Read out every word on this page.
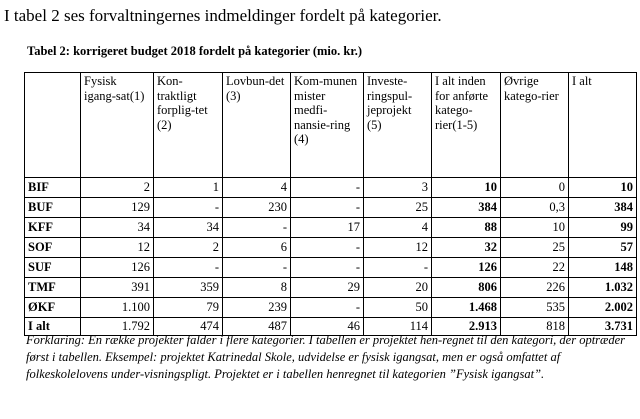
I tabel 2 ses forvaltningernes indmeldinger fordelt på kategorier.

Tabel 2: korrigeret budget 2018 fordelt på kategorier (mio. kr.)

	Fysisk igang-sat(1)	Kon-traktligt forplig-tet (2)	Lovbun-det (3)	Kom-munen mister medfi-nansie-ring (4)	Investe-ringspul-jeprojekt (5)	I alt inden for anførte katego-rier(1-5)	Øvrige katego-rier	I alt
BIF	2	1	4	-	3	10	0	10
BUF	129	-	230	-	25	384	0,3	384
KFF	34	34	-	17	4	88	10	99
SOF	12	2	6	-	12	32	25	57
SUF	126	-	-	-	-	126	22	148
TMF	391	359	8	29	20	806	226	1.032
ØKF	1.100	79	239	-	50	1.468	535	2.002
I alt	1.792	474	487	46	114	2.913	818	3.731

Forklaring: En række projekter falder i flere kategorier. I tabellen er projektet hen-regnet til den kategori, der optræder først i tabellen. Eksempel: projektet Katrinedal Skole, udvidelse er fysisk igangsat, men er også omfattet af folkeskolelovens under-visningspligt. Projektet er i tabellen henregnet til kategorien ”Fysisk igangsat”.
